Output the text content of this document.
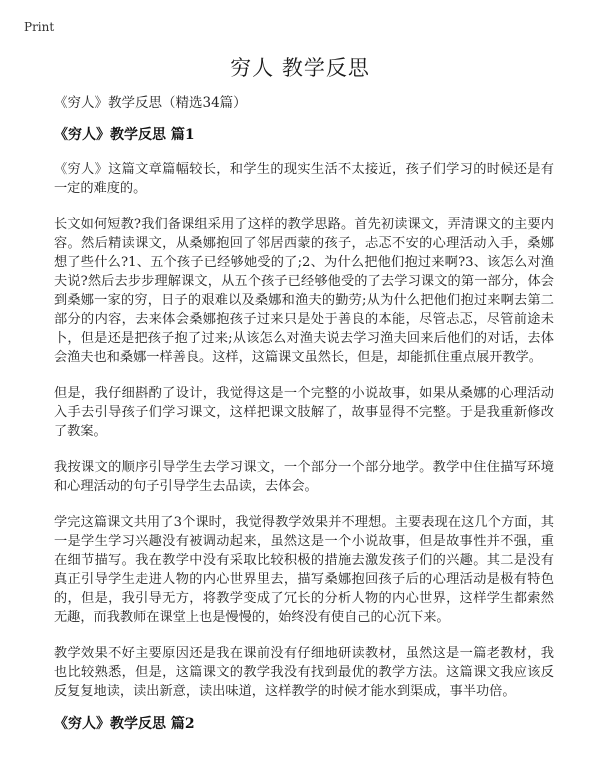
Print
穷人 教学反思

《穷人》教学反思（精选34篇）

《穷人》教学反思 篇1

《穷人》这篇文章篇幅较长，和学生的现实生活不太接近，孩子们学习的时候还是有一定的难度的。

长文如何短教?我们备课组采用了这样的教学思路。首先初读课文，弄清课文的主要内容。然后精读课文，从桑娜抱回了邻居西蒙的孩子，忐忑不安的心理活动入手，桑娜想了些什么?1、五个孩子已经够她受的了;2、为什么把他们抱过来啊?3、该怎么对渔夫说?然后去步步理解课文，从五个孩子已经够他受的了去学习课文的第一部分，体会到桑娜一家的穷，日子的艰难以及桑娜和渔夫的勤劳;从为什么把他们抱过来啊去第二部分的内容，去来体会桑娜抱孩子过来只是处于善良的本能，尽管忐忑，尽管前途未卜，但是还是把孩子抱了过来;从该怎么对渔夫说去学习渔夫回来后他们的对话，去体会渔夫也和桑娜一样善良。这样，这篇课文虽然长，但是，却能抓住重点展开教学。

但是，我仔细斟酌了设计，我觉得这是一个完整的小说故事，如果从桑娜的心理活动入手去引导孩子们学习课文，这样把课文肢解了，故事显得不完整。于是我重新修改了教案。

我按课文的顺序引导学生去学习课文，一个部分一个部分地学。教学中住住描写环境和心理活动的句子引导学生去品读，去体会。

学完这篇课文共用了3个课时，我觉得教学效果并不理想。主要表现在这几个方面，其一是学生学习兴趣没有被调动起来，虽然这是一个小说故事，但是故事性并不强，重在细节描写。我在教学中没有采取比较积极的措施去激发孩子们的兴趣。其二是没有真正引导学生走进人物的内心世界里去，描写桑娜抱回孩子后的心理活动是极有特色的，但是，我引导无方，将教学变成了冗长的分析人物的内心世界，这样学生都索然无趣，而我教师在课堂上也是慢慢的，始终没有使自己的心沉下来。

教学效果不好主要原因还是我在课前没有仔细地研读教材，虽然这是一篇老教材，我也比较熟悉，但是，这篇课文的教学我没有找到最优的教学方法。这篇课文我应该反反复复地读，读出新意，读出味道，这样教学的时候才能水到渠成，事半功倍。

《穷人》教学反思 篇2
